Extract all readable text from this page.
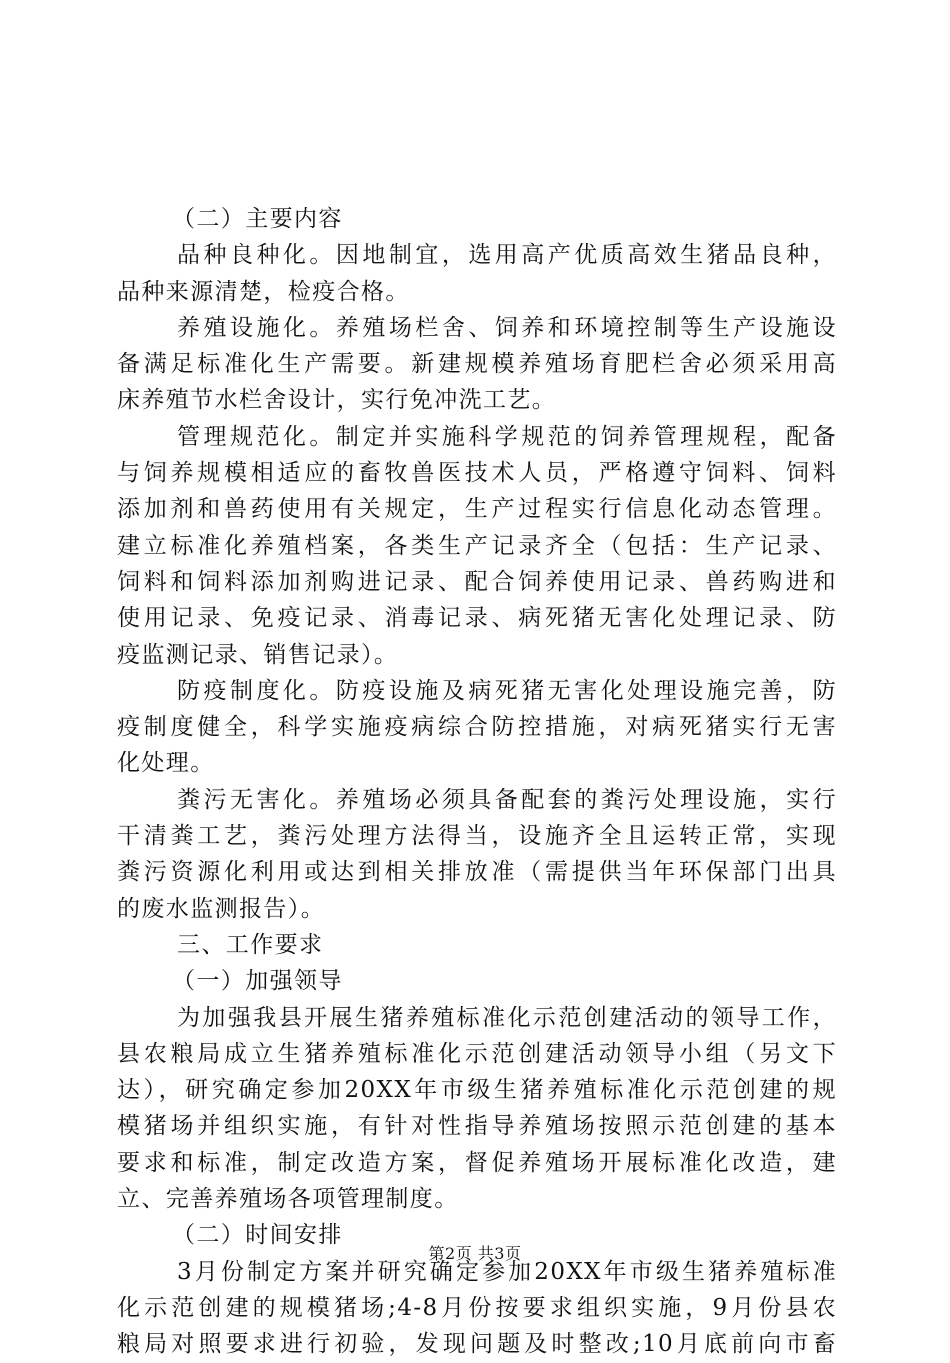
（二）主要内容
品种良种化。因地制宜，选用高产优质高效生猪品良种，
品种来源清楚，检疫合格。
养殖设施化。养殖场栏舍、饲养和环境控制等生产设施设
备满足标准化生产需要。新建规模养殖场育肥栏舍必须采用高
床养殖节水栏舍设计，实行免冲洗工艺。
管理规范化。制定并实施科学规范的饲养管理规程，配备
与饲养规模相适应的畜牧兽医技术人员，严格遵守饲料、饲料
添加剂和兽药使用有关规定，生产过程实行信息化动态管理。
建立标准化养殖档案，各类生产记录齐全（包括：生产记录、
饲料和饲料添加剂购进记录、配合饲养使用记录、兽药购进和
使用记录、免疫记录、消毒记录、病死猪无害化处理记录、防
疫监测记录、销售记录）。
防疫制度化。防疫设施及病死猪无害化处理设施完善，防
疫制度健全，科学实施疫病综合防控措施，对病死猪实行无害
化处理。
粪污无害化。养殖场必须具备配套的粪污处理设施，实行
干清粪工艺，粪污处理方法得当，设施齐全且运转正常，实现
粪污资源化利用或达到相关排放准（需提供当年环保部门出具
的废水监测报告）。
三、工作要求
（一）加强领导
为加强我县开展生猪养殖标准化示范创建活动的领导工作，
县农粮局成立生猪养殖标准化示范创建活动领导小组（另文下
达），研究确定参加20XX年市级生猪养殖标准化示范创建的规
模猪场并组织实施，有针对性指导养殖场按照示范创建的基本
要求和标准，制定改造方案，督促养殖场开展标准化改造，建
立、完善养殖场各项管理制度。
（二）时间安排
3月份制定方案并研究确定参加20XX年市级生猪养殖标准
化示范创建的规模猪场;4-8月份按要求组织实施，9月份县农
粮局对照要求进行初验，发现问题及时整改;10月底前向市畜
第2页 共3页
